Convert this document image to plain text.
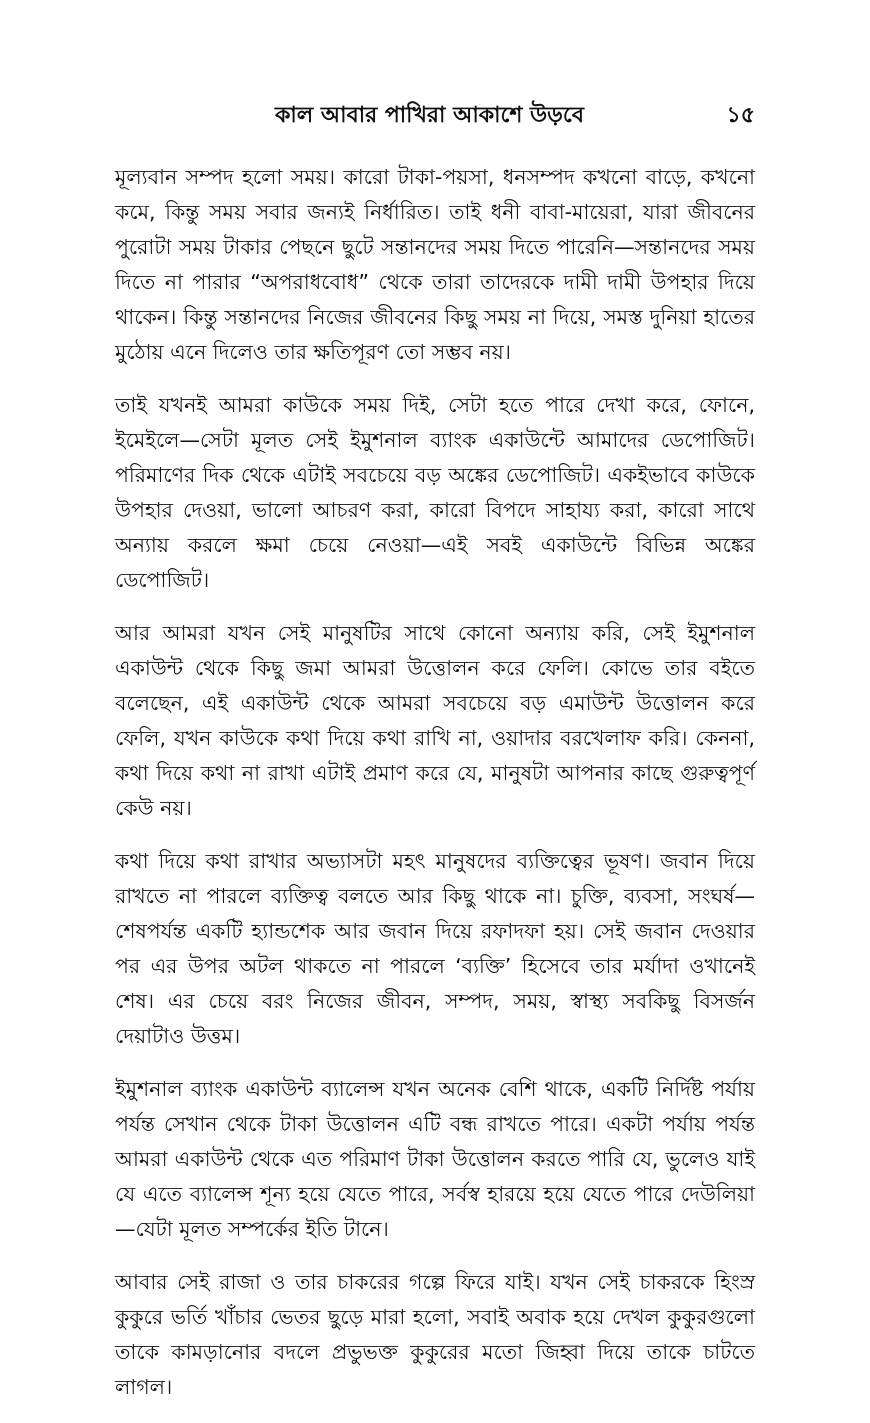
কাল আবার পাখিরা আকাশে উড়বে	১৫

মূল্যবান সম্পদ হলো সময়। কারো টাকা-পয়সা, ধনসম্পদ কখনো বাড়ে, কখনো কমে, কিন্তু সময় সবার জন্যই নির্ধারিত। তাই ধনী বাবা-মায়েরা, যারা জীবনের পুরোটা সময় টাকার পেছনে ছুটে সন্তানদের সময় দিতে পারেনি—সন্তানদের সময় দিতে না পারার “অপরাধবোধ” থেকে তারা তাদেরকে দামী দামী উপহার দিয়ে থাকেন। কিন্তু সন্তানদের নিজের জীবনের কিছু সময় না দিয়ে, সমস্ত দুনিয়া হাতের মুঠোয় এনে দিলেও তার ক্ষতিপূরণ তো সম্ভব নয়।

তাই যখনই আমরা কাউকে সময় দিই, সেটা হতে পারে দেখা করে, ফোনে, ইমেইলে—সেটা মূলত সেই ইমুশনাল ব্যাংক একাউন্টে আমাদের ডেপোজিট। পরিমাণের দিক থেকে এটাই সবচেয়ে বড় অঙ্কের ডেপোজিট। একইভাবে কাউকে উপহার দেওয়া, ভালো আচরণ করা, কারো বিপদে সাহায্য করা, কারো সাথে অন্যায় করলে ক্ষমা চেয়ে নেওয়া—এই সবই একাউন্টে বিভিন্ন অঙ্কের ডেপোজিট।

আর আমরা যখন সেই মানুষটির সাথে কোনো অন্যায় করি, সেই ইমুশনাল একাউন্ট থেকে কিছু জমা আমরা উত্তোলন করে ফেলি। কোভে তার বইতে বলেছেন, এই একাউন্ট থেকে আমরা সবচেয়ে বড় এমাউন্ট উত্তোলন করে ফেলি, যখন কাউকে কথা দিয়ে কথা রাখি না, ওয়াদার বরখেলাফ করি। কেননা, কথা দিয়ে কথা না রাখা এটাই প্রমাণ করে যে, মানুষটা আপনার কাছে গুরুত্বপূর্ণ কেউ নয়।

কথা দিয়ে কথা রাখার অভ্যাসটা মহৎ মানুষদের ব্যক্তিত্বের ভূষণ। জবান দিয়ে রাখতে না পারলে ব্যক্তিত্ব বলতে আর কিছু থাকে না। চুক্তি, ব্যবসা, সংঘর্ষ—শেষপর্যন্ত একটি হ্যান্ডশেক আর জবান দিয়ে রফাদফা হয়। সেই জবান দেওয়ার পর এর উপর অটল থাকতে না পারলে ‘ব্যক্তি’ হিসেবে তার মর্যাদা ওখানেই শেষ। এর চেয়ে বরং নিজের জীবন, সম্পদ, সময়, স্বাস্থ্য সবকিছু বিসর্জন দেয়াটাও উত্তম।

ইমুশনাল ব্যাংক একাউন্ট ব্যালেন্স যখন অনেক বেশি থাকে, একটি নির্দিষ্ট পর্যায় পর্যন্ত সেখান থেকে টাকা উত্তোলন এটি বন্ধ রাখতে পারে। একটা পর্যায় পর্যন্ত আমরা একাউন্ট থেকে এত পরিমাণ টাকা উত্তোলন করতে পারি যে, ভুলেও যাই যে এতে ব্যালেন্স শূন্য হয়ে যেতে পারে, সর্বস্ব হারয়ে হয়ে যেতে পারে দেউলিয়া—যেটা মূলত সম্পর্কের ইতি টানে।

আবার সেই রাজা ও তার চাকরের গল্পে ফিরে যাই। যখন সেই চাকরকে হিংস্র কুকুরে ভর্তি খাঁচার ভেতর ছুড়ে মারা হলো, সবাই অবাক হয়ে দেখল কুকুরগুলো তাকে কামড়ানোর বদলে প্রভুভক্ত কুকুরের মতো জিহ্বা দিয়ে তাকে চাটতে লাগল।
